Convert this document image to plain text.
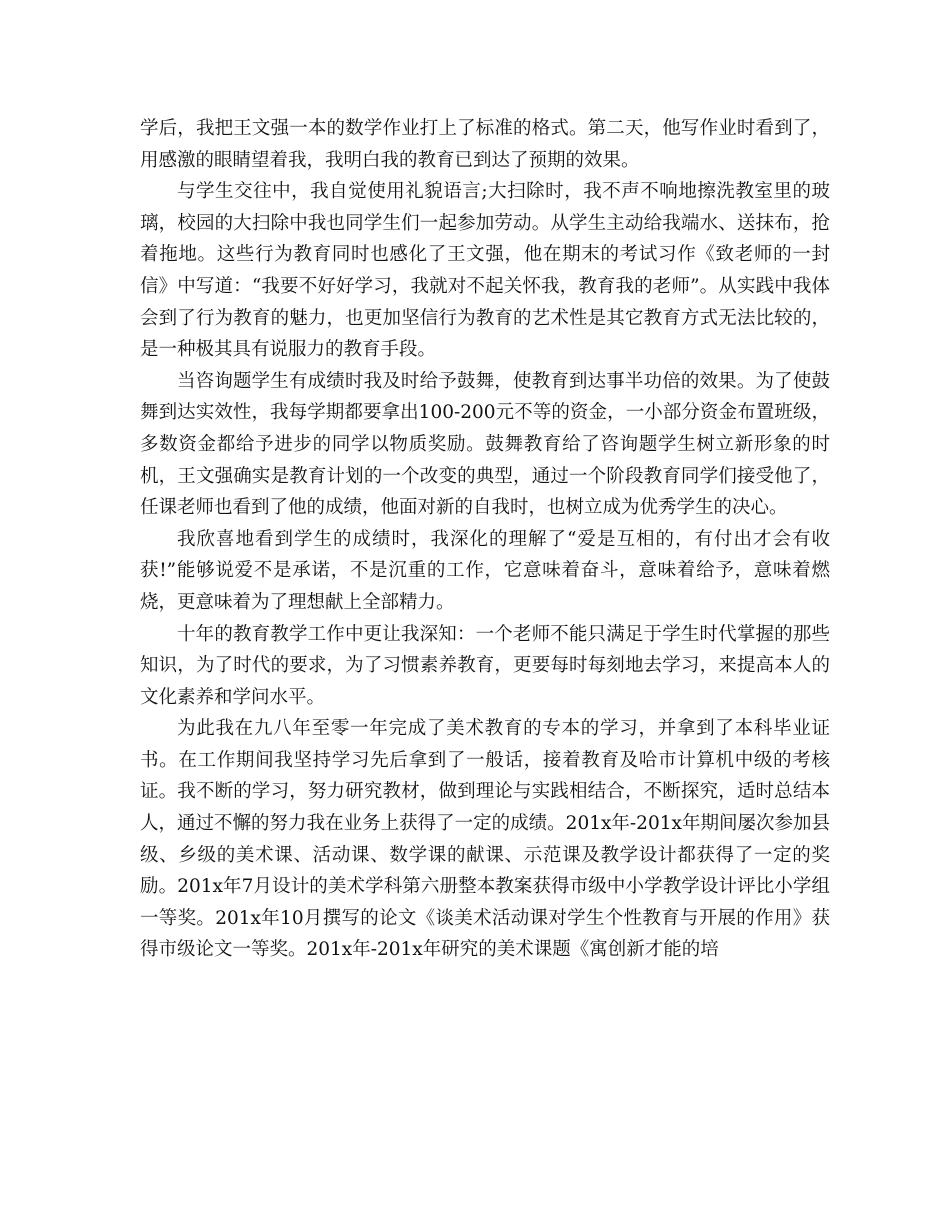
学后，我把王文强一本的数学作业打上了标准的格式。第二天，他写作业时看到了，用感激的眼睛望着我，我明白我的教育已到达了预期的效果。

与学生交往中，我自觉使用礼貌语言;大扫除时，我不声不响地擦洗教室里的玻璃，校园的大扫除中我也同学生们一起参加劳动。从学生主动给我端水、送抹布，抢着拖地。这些行为教育同时也感化了王文强，他在期末的考试习作《致老师的一封信》中写道：“我要不好好学习，我就对不起关怀我，教育我的老师”。从实践中我体会到了行为教育的魅力，也更加坚信行为教育的艺术性是其它教育方式无法比较的，是一种极其具有说服力的教育手段。

当咨询题学生有成绩时我及时给予鼓舞，使教育到达事半功倍的效果。为了使鼓舞到达实效性，我每学期都要拿出100-200元不等的资金，一小部分资金布置班级，多数资金都给予进步的同学以物质奖励。鼓舞教育给了咨询题学生树立新形象的时机，王文强确实是教育计划的一个改变的典型，通过一个阶段教育同学们接受他了，任课老师也看到了他的成绩，他面对新的自我时，也树立成为优秀学生的决心。

我欣喜地看到学生的成绩时，我深化的理解了“爱是互相的，有付出才会有收获!”能够说爱不是承诺，不是沉重的工作，它意味着奋斗，意味着给予，意味着燃烧，更意味着为了理想献上全部精力。

十年的教育教学工作中更让我深知：一个老师不能只满足于学生时代掌握的那些知识，为了时代的要求，为了习惯素养教育，更要每时每刻地去学习，来提高本人的文化素养和学问水平。

为此我在九八年至零一年完成了美术教育的专本的学习，并拿到了本科毕业证书。在工作期间我坚持学习先后拿到了一般话，接着教育及哈市计算机中级的考核证。我不断的学习，努力研究教材，做到理论与实践相结合，不断探究，适时总结本人，通过不懈的努力我在业务上获得了一定的成绩。201x年-201x年期间屡次参加县级、乡级的美术课、活动课、数学课的献课、示范课及教学设计都获得了一定的奖励。201x年7月设计的美术学科第六册整本教案获得市级中小学教学设计评比小学组一等奖。201x年10月撰写的论文《谈美术活动课对学生个性教育与开展的作用》获得市级论文一等奖。201x年-201x年研究的美术课题《寓创新才能的培
